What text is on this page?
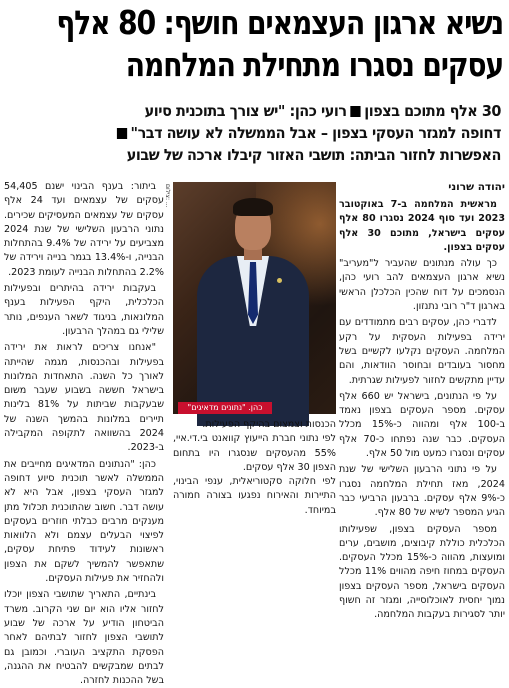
נשיא ארגון העצמאים חושף: 80 אלף
עסקים נסגרו מתחילת המלחמה
30 אלף מתוכם בצפוןרועי כהן: "יש צורך בתוכנית סיוע
דחופה למגזר העסקי בצפון – אבל הממשלה לא עושה דבר"
האפשרות לחזור הביתה: תושבי האזור קיבלו ארכה של שבוע
יהודה שרוני

מראשית המלחמה ב-7 באוקטובר 2023 ועד סוף 2024 נסגרו 80 אלף עסקים בישראל, מתוכם 30 אלף עסקים בצפון.

כך עולה מנתונים שהעביר ל"מעריב" נשיא ארגון העצמאים להב רועי כהן, הנסמכים על דוח שהכין הכלכלן הראשי בארגון ד"ר רובי נתנזון.

לדברי כהן, עסקים רבים מתמודדים עם ירידה בפעילות העסקית על רקע המלחמה. העסקים נקלעו לקשיים בשל מחסור בעובדים ובחוסר הוודאות, והם עדיין מתקשים לחזור לפעילות שגרתית.

על פי הנתונים, בישראל יש 660 אלף עסקים. מספר העסקים בצפון נאמד ב-100 אלף ומהווה כ-15% מכלל העסקים. כבר שנה נפתחו כ-70 אלף עסקים ונסגרו כמעט מול 50 אלף.

על פי נתוני הרבעון השלישי של שנת 2024, מאז תחילת המלחמה נסגרו כ-9% אלף עסקים. ברבעון הרביעי כבר הגיע המספר לשיא של 80 אלף.

מספר העסקים בצפון, שפעילותו הכלכלית כוללת קיבוצים, מושבים, ערים ומועצות, מהווה כ-15% מכלל העסקים. העסקים במחוז חיפה מהווים 11% מכלל העסקים בישראל, מספר העסקים בצפון נמוך יחסית לאוכלוסייה, ומגזר זה חשוף יותר לסגירות בעקבות המלחמה.

כהן. "נתונים מדאיגים"
צילום: ...

הכנסות וצמצום בהיקף הפעילות.

לפי נתוני חברת הייעוץ קוואנט בי.די.איי, 55% מהעסקים שנסגרו היו בתחום הצפון 30 אלף עסקים.

לפי חלוקה סקטוריאלית, ענפי הבינוי, התיירות והאירוח נפגעו בצורה חמורה במיוחד.

ביתור: בענף הבינוי ישנם 54,405 עסקים של עצמאים ועד 24 אלף עסקים של עצמאים המעסיקים שכירים. נתוני הרבעון השלישי של שנת 2024 מצביעים על ירידה של 9.4% בהתחלות הבנייה, ו-13.4% בגמר בנייה וירידה של 2.2% בהתחלות הבנייה לעומת 2023.

בעקבות ירידה בהיתרים ובפעילות הכלכלית, היקף הפעילות בענף המלונאות, בניגוד לשאר הענפים, נותר שלילי גם במהלך הרבעון.

"אנחנו צריכים לראות את ירידה בפעילות ובהכנסות, מגמה שהייתה לאורך כל השנה. התאחדות המלונות בישראל חששה בשבוע שעבר משום שבעקבות שביתות על 81% בלינות תיירים במלונות בהמשך השנה של 2024 בהשוואה לתקופה המקבילה ב-2023.

כהן: "הנתונים המדאיגים מחייבים את הממשלה לאשר תוכנית סיוע דחופה למגזר העסקי בצפון, אבל היא לא עושה דבר. חשוב שהתוכנית תכלול מתן מענקים מרבים כבלתי חוזרים בעסקים לפיצוי הבעלים עצמם ולא הלוואות ראשונות לעידוד פתיחת עסקים, שתאפשר להמשיך לשקם את הצפון ולהחזיר את פעילות העסקים.

בינתיים, התאריך שתושבי הצפון יוכלו לחזור אליו הוא יום שני הקרוב. משרד הביטחון הודיע על ארכה של שבוע לתושבי הצפון לחזור לבתיהם לאחר הפסקת התקציב העוברי. וכמובן גם לבתים שמבקשים להבטיח את ההגנה, בשל ההכנות לחזרה.
